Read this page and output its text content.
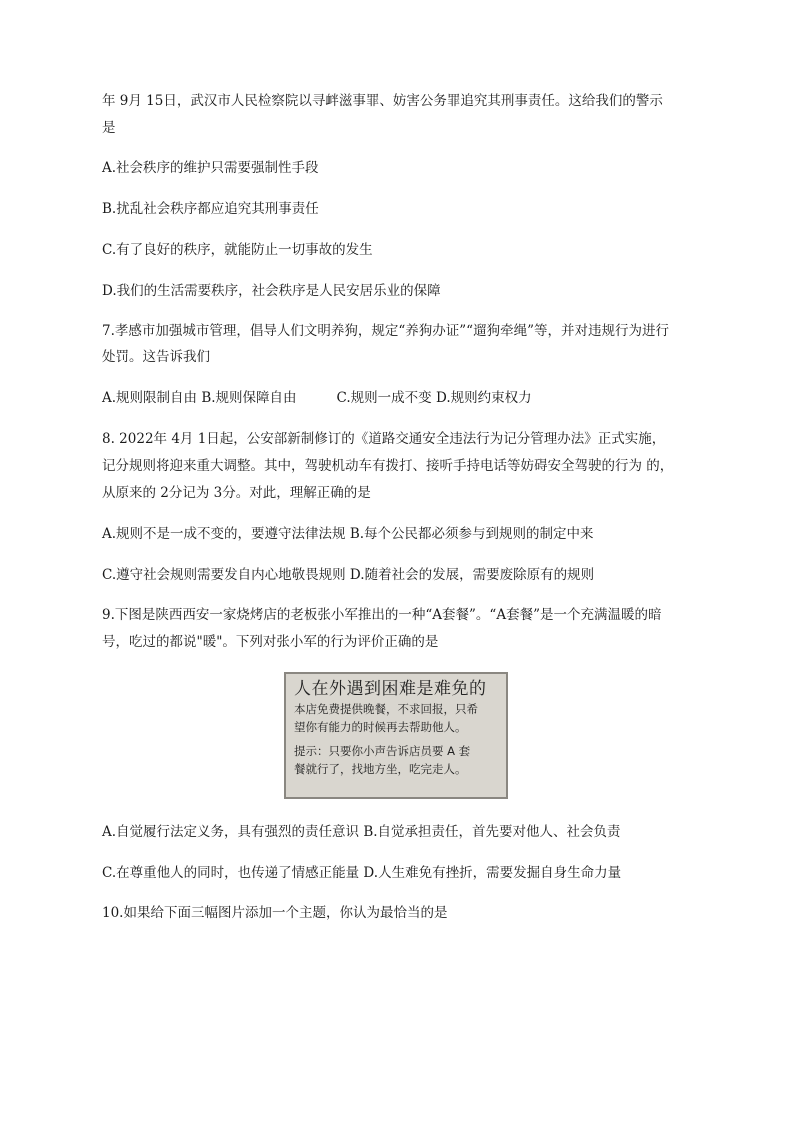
年 9月 15日，武汉市人民检察院以寻衅滋事罪、妨害公务罪追究其刑事责任。这给我们的警示
是
A.社会秩序的维护只需要强制性手段
B.扰乱社会秩序都应追究其刑事责任
C.有了良好的秩序，就能防止一切事故的发生
D.我们的生活需要秩序，社会秩序是人民安居乐业的保障
7.孝感市加强城市管理，倡导人们文明养狗，规定“养狗办证”“遛狗牵绳”等，并对违规行为进行
处罚。这告诉我们
A.规则限制自由 B.规则保障自由	C.规则一成不变 D.规则约束权力
8. 2022年 4月 1日起，公安部新制修订的《道路交通安全违法行为记分管理办法》正式实施，
记分规则将迎来重大调整。其中，驾驶机动车有拨打、接听手持电话等妨碍安全驾驶的行为 的，
从原来的 2分记为 3分。对此，理解正确的是
A.规则不是一成不变的，要遵守法律法规 B.每个公民都必须参与到规则的制定中来
C.遵守社会规则需要发自内心地敬畏规则 D.随着社会的发展，需要废除原有的规则
9.下图是陕西西安一家烧烤店的老板张小军推出的一种“A套餐”。“A套餐”是一个充满温暖的暗
号，吃过的都说"暖"。下列对张小军的行为评价正确的是
人在外遇到困难是难免的
本店免费提供晚餐，不求回报，只希
望你有能力的时候再去帮助他人。
提示：只要你小声告诉店员要 A 套
餐就行了，找地方坐，吃完走人。
A.自觉履行法定义务，具有强烈的责任意识 B.自觉承担责任，首先要对他人、社会负责
C.在尊重他人的同时，也传递了情感正能量 D.人生难免有挫折，需要发掘自身生命力量
10.如果给下面三幅图片添加一个主题，你认为最恰当的是
